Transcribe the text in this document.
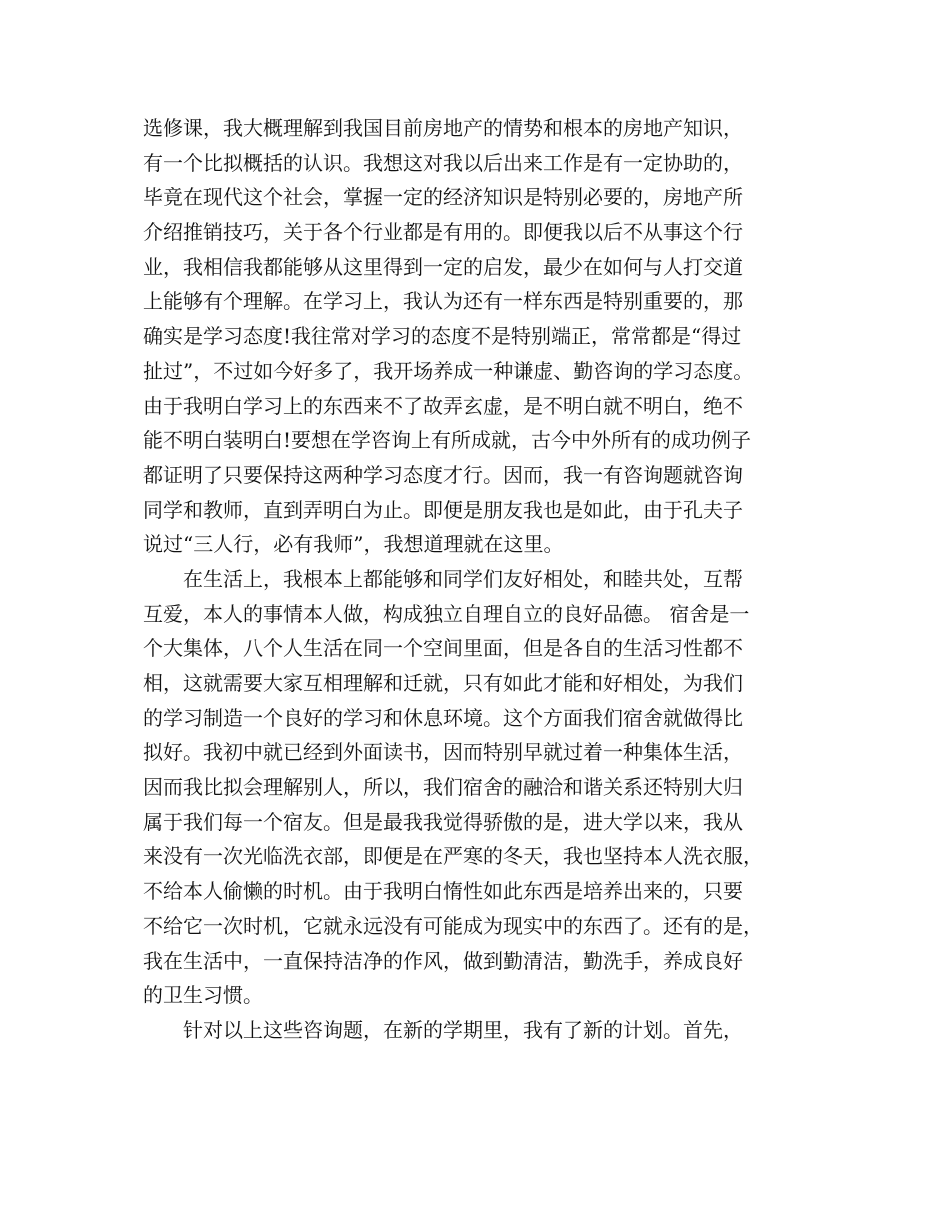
选修课，我大概理解到我国目前房地产的情势和根本的房地产知识，
有一个比拟概括的认识。我想这对我以后出来工作是有一定协助的，
毕竟在现代这个社会，掌握一定的经济知识是特别必要的，房地产所
介绍推销技巧，关于各个行业都是有用的。即便我以后不从事这个行
业，我相信我都能够从这里得到一定的启发，最少在如何与人打交道
上能够有个理解。在学习上，我认为还有一样东西是特别重要的，那
确实是学习态度!我往常对学习的态度不是特别端正，常常都是“得过
扯过”，不过如今好多了，我开场养成一种谦虚、勤咨询的学习态度。
由于我明白学习上的东西来不了故弄玄虚，是不明白就不明白，绝不
能不明白装明白!要想在学咨询上有所成就，古今中外所有的成功例子
都证明了只要保持这两种学习态度才行。因而，我一有咨询题就咨询
同学和教师，直到弄明白为止。即便是朋友我也是如此，由于孔夫子
说过“三人行，必有我师”，我想道理就在这里。
　　在生活上，我根本上都能够和同学们友好相处，和睦共处，互帮
互爱，本人的事情本人做，构成独立自理自立的良好品德。 宿舍是一
个大集体，八个人生活在同一个空间里面，但是各自的生活习性都不
相，这就需要大家互相理解和迁就，只有如此才能和好相处，为我们
的学习制造一个良好的学习和休息环境。这个方面我们宿舍就做得比
拟好。我初中就已经到外面读书，因而特别早就过着一种集体生活，
因而我比拟会理解别人，所以，我们宿舍的融洽和谐关系还特别大归
属于我们每一个宿友。但是最我我觉得骄傲的是，进大学以来，我从
来没有一次光临洗衣部，即便是在严寒的冬天，我也坚持本人洗衣服，
不给本人偷懒的时机。由于我明白惰性如此东西是培养出来的，只要
不给它一次时机，它就永远没有可能成为现实中的东西了。还有的是，
我在生活中，一直保持洁净的作风，做到勤清洁，勤洗手，养成良好
的卫生习惯。
　　针对以上这些咨询题，在新的学期里，我有了新的计划。首先，
